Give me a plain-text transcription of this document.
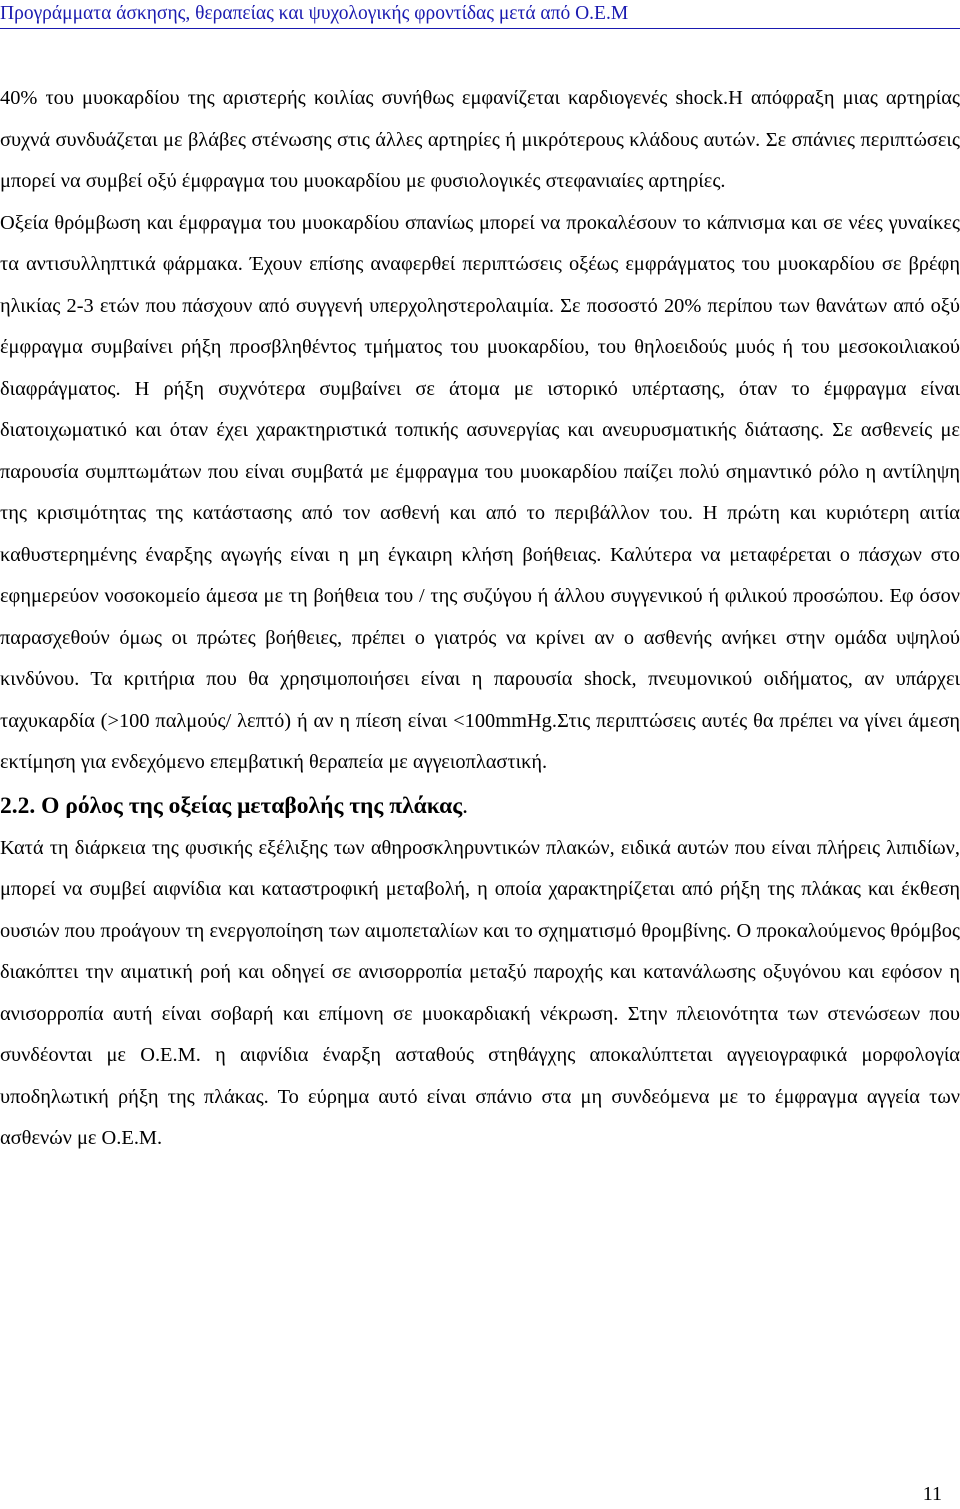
Προγράμματα άσκησης, θεραπείας και ψυχολογικής φροντίδας μετά από Ο.Ε.Μ

40% του μυοκαρδίου της αριστερής κοιλίας συνήθως εμφανίζεται καρδιογενές shock.Η απόφραξη μιας αρτηρίας συχνά συνδυάζεται με βλάβες στένωσης στις άλλες αρτηρίες ή μικρότερους κλάδους αυτών. Σε σπάνιες περιπτώσεις μπορεί να συμβεί οξύ έμφραγμα του μυοκαρδίου με φυσιολογικές στεφανιαίες αρτηρίες.

Οξεία θρόμβωση και έμφραγμα του μυοκαρδίου σπανίως μπορεί να προκαλέσουν το κάπνισμα και σε νέες γυναίκες τα αντισυλληπτικά φάρμακα. Έχουν επίσης αναφερθεί περιπτώσεις οξέως εμφράγματος του μυοκαρδίου σε βρέφη ηλικίας 2-3 ετών που πάσχουν από συγγενή υπερχοληστερολαιμία. Σε ποσοστό 20% περίπου των θανάτων από οξύ έμφραγμα συμβαίνει ρήξη προσβληθέντος τμήματος του μυοκαρδίου, του θηλοειδούς μυός ή του μεσοκοιλιακού διαφράγματος. Η ρήξη συχνότερα συμβαίνει σε άτομα με ιστορικό υπέρτασης, όταν το έμφραγμα είναι διατοιχωματικό και όταν έχει χαρακτηριστικά τοπικής ασυνεργίας και ανευρυσματικής διάτασης. Σε ασθενείς με παρουσία συμπτωμάτων που είναι συμβατά με έμφραγμα του μυοκαρδίου παίζει πολύ σημαντικό ρόλο η αντίληψη της κρισιμότητας της κατάστασης από τον ασθενή και από το περιβάλλον του. Η πρώτη και κυριότερη αιτία καθυστερημένης έναρξης αγωγής είναι η μη έγκαιρη κλήση βοήθειας. Καλύτερα να μεταφέρεται ο πάσχων στο εφημερεύον νοσοκομείο άμεσα με τη βοήθεια του / της συζύγου ή άλλου συγγενικού ή φιλικού προσώπου. Εφ όσον παρασχεθούν όμως οι πρώτες βοήθειες, πρέπει ο γιατρός να κρίνει αν ο ασθενής ανήκει στην ομάδα υψηλού κινδύνου. Τα κριτήρια που θα χρησιμοποιήσει είναι η παρουσία shock, πνευμονικού οιδήματος, αν υπάρχει ταχυκαρδία (>100 παλμούς/ λεπτό) ή αν η πίεση είναι <100mmHg.Στις περιπτώσεις αυτές θα πρέπει να γίνει άμεση εκτίμηση για ενδεχόμενο επεμβατική θεραπεία με αγγειοπλαστική.

2.2. Ο ρόλος της οξείας μεταβολής της πλάκας.

Κατά τη διάρκεια της φυσικής εξέλιξης των αθηροσκληρυντικών πλακών, ειδικά αυτών που είναι πλήρεις λιπιδίων, μπορεί να συμβεί αιφνίδια και καταστροφική μεταβολή, η οποία χαρακτηρίζεται από ρήξη της πλάκας και έκθεση ουσιών που προάγουν τη ενεργοποίηση των αιμοπεταλίων και το σχηματισμό θρομβίνης. Ο προκαλούμενος θρόμβος διακόπτει την αιματική ροή και οδηγεί σε ανισορροπία μεταξύ παροχής και κατανάλωσης οξυγόνου και εφόσον η ανισορροπία αυτή είναι σοβαρή και επίμονη σε μυοκαρδιακή νέκρωση. Στην πλειονότητα των στενώσεων που συνδέονται με Ο.Ε.Μ. η αιφνίδια έναρξη ασταθούς στηθάγχης αποκαλύπτεται αγγειογραφικά μορφολογία υποδηλωτική ρήξη της πλάκας. Το εύρημα αυτό είναι σπάνιο στα μη συνδεόμενα με το έμφραγμα αγγεία των ασθενών με Ο.Ε.Μ.

11
